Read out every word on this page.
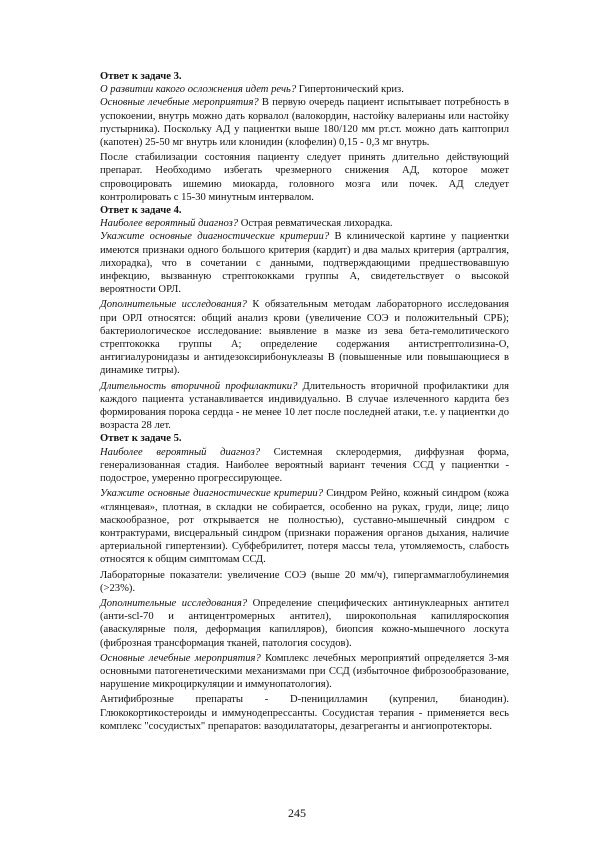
Ответ к задаче 3.

О развитии какого осложнения идет речь? Гипертонический криз.

Основные лечебные мероприятия? В первую очередь пациент испытывает потребность в успокоении, внутрь можно дать корвалол (валокордин, настойку валерианы или настойку пустырника). Поскольку АД у пациентки выше 180/120 мм рт.ст. можно дать каптоприл (капотен) 25-50 мг внутрь или клонидин (клофелин) 0,15 - 0,3 мг внутрь.

После стабилизации состояния пациенту следует принять длительно действующий препарат. Необходимо избегать чрезмерного снижения АД, которое может спровоцировать ишемию миокарда, головного мозга или почек. АД следует контролировать с 15-30 минутным интервалом.

Ответ к задаче 4.

Наиболее вероятный диагноз? Острая ревматическая лихорадка.

Укажите основные диагностические критерии? В клинической картине у пациентки имеются признаки одного большого критерия (кардит) и два малых критерия (артралгия, лихорадка), что в сочетании с данными, подтверждающими предшествовавшую инфекцию, вызванную стрептококками группы А, свидетельствует о высокой вероятности ОРЛ.

Дополнительные исследования? К обязательным методам лабораторного исследования при ОРЛ относятся: общий анализ крови (увеличение СОЭ и положительный СРБ); бактериологическое исследование: выявление в мазке из зева бета-гемолитического стрептококка группы А; определение содержания антистрептолизина-О, антигиалуронидазы и антидезоксирибонуклеазы В (повышенные или повышающиеся в динамике титры).

Длительность вторичной профилактики? Длительность вторичной профилактики для каждого пациента устанавливается индивидуально. В случае излеченного кардита без формирования порока сердца - не менее 10 лет после последней атаки, т.е. у пациентки до возраста 28 лет.

Ответ к задаче 5.

Наиболее вероятный диагноз? Системная склеродермия, диффузная форма, генерализованная стадия. Наиболее вероятный вариант течения ССД у пациентки - подострое, умеренно прогрессирующее.

Укажите основные диагностические критерии? Синдром Рейно, кожный синдром (кожа «глянцевая», плотная, в складки не собирается, особенно на руках, груди, лице; лицо маскообразное, рот открывается не полностью), суставно-мышечный синдром с контрактурами, висцеральный синдром (признаки поражения органов дыхания, наличие артериальной гипертензии). Субфебрилитет, потеря массы тела, утомляемость, слабость относятся к общим симптомам ССД.

Лабораторные показатели: увеличение СОЭ (выше 20 мм/ч), гипергаммаглобулинемия (>23%).

Дополнительные исследования? Определение специфических антинуклеарных антител (анти-scl-70 и антицентромерных антител), широкопольная капилляроскопия (аваскулярные поля, деформация капилляров), биопсия кожно-мышечного лоскута (фиброзная трансформация тканей, патология сосудов).

Основные лечебные мероприятия? Комплекс лечебных мероприятий определяется 3-мя основными патогенетическими механизмами при ССД (избыточное фиброзообразование, нарушение микроциркуляции и иммунопатология).

Антифиброзные препараты - D-пеницилламин (купренил, бианодин). Глюкокортикостероиды и иммунодепрессанты. Сосудистая терапия - применяется весь комплекс "сосудистых" препаратов: вазодилататоры, дезагреганты и ангиопротекторы.

245
